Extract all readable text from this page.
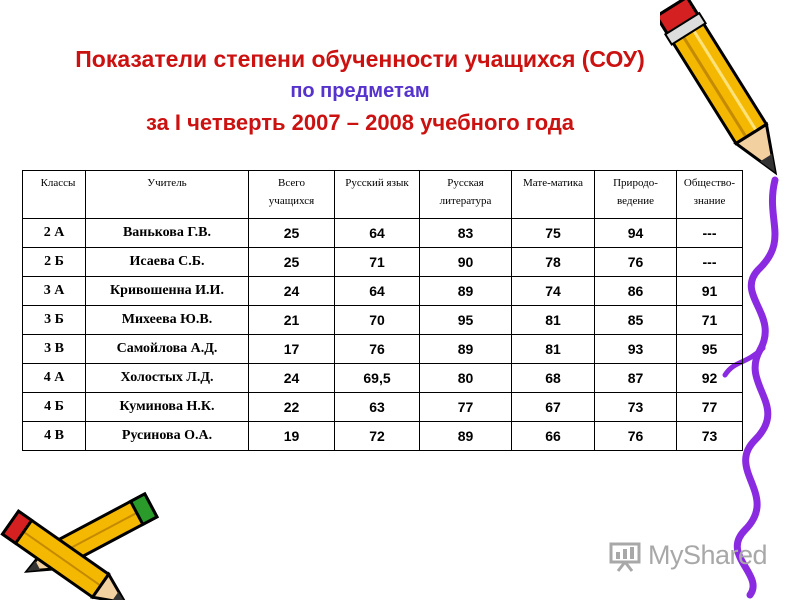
Показатели степени обученности учащихся (СОУ)
по предметам
за I четверть 2007 – 2008 учебного года
Классы	Учитель	Всего учащихся	Русский язык	Русская литература	Мате-матика	Природо-ведение	Общество-знание
2 А	Ванькова Г.В.	25	64	83	75	94	---
2 Б	Исаева С.Б.	25	71	90	78	76	---
3 А	Кривошенна И.И.	24	64	89	74	86	91
3 Б	Михеева Ю.В.	21	70	95	81	85	71
3 В	Самойлова А.Д.	17	76	89	81	93	95
4 А	Холостых Л.Д.	24	69,5	80	68	87	92
4 Б	Куминова Н.К.	22	63	77	67	73	77
4 В	Русинова О.А.	19	72	89	66	76	73
MyShared
